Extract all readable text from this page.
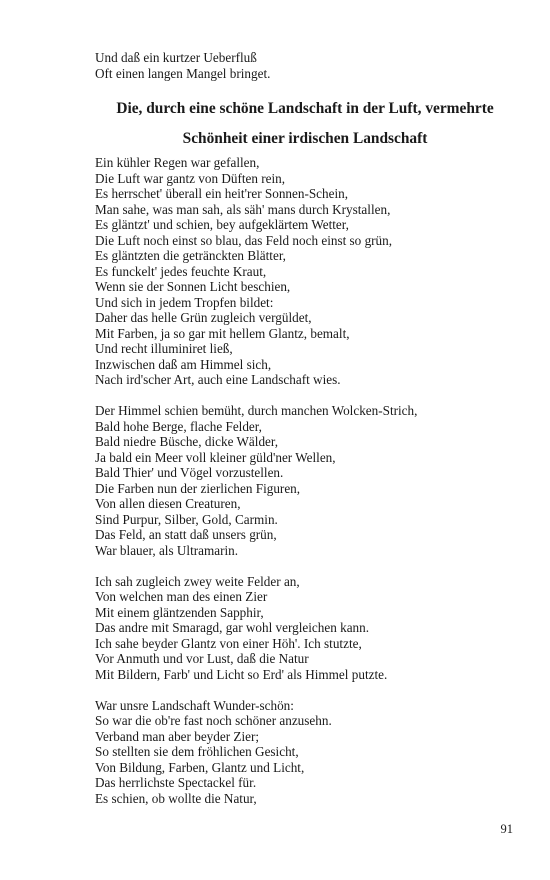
Und daß ein kurtzer Ueberfluß
Oft einen langen Mangel bringet.
Die, durch eine schöne Landschaft in der Luft, vermehrte
Schönheit einer irdischen Landschaft
Ein kühler Regen war gefallen,
Die Luft war gantz von Düften rein,
Es herrschet' überall ein heit'rer Sonnen-Schein,
Man sahe, was man sah, als säh' mans durch Krystallen,
Es gläntzt' und schien, bey aufgeklärtem Wetter,
Die Luft noch einst so blau, das Feld noch einst so grün,
Es gläntzten die getränckten Blätter,
Es funckelt' jedes feuchte Kraut,
Wenn sie der Sonnen Licht beschien,
Und sich in jedem Tropfen bildet:
Daher das helle Grün zugleich vergüldet,
Mit Farben, ja so gar mit hellem Glantz, bemalt,
Und recht illuminiret ließ,
Inzwischen daß am Himmel sich,
Nach ird'scher Art, auch eine Landschaft wies.
Der Himmel schien bemüht, durch manchen Wolcken-Strich,
Bald hohe Berge, flache Felder,
Bald niedre Büsche, dicke Wälder,
Ja bald ein Meer voll kleiner güld'ner Wellen,
Bald Thier' und Vögel vorzustellen.
Die Farben nun der zierlichen Figuren,
Von allen diesen Creaturen,
Sind Purpur, Silber, Gold, Carmin.
Das Feld, an statt daß unsers grün,
War blauer, als Ultramarin.
Ich sah zugleich zwey weite Felder an,
Von welchen man des einen Zier
Mit einem gläntzenden Sapphir,
Das andre mit Smaragd, gar wohl vergleichen kann.
Ich sahe beyder Glantz von einer Höh'. Ich stutzte,
Vor Anmuth und vor Lust, daß die Natur
Mit Bildern, Farb' und Licht so Erd' als Himmel putzte.
War unsre Landschaft Wunder-schön:
So war die ob're fast noch schöner anzusehn.
Verband man aber beyder Zier;
So stellten sie dem fröhlichen Gesicht,
Von Bildung, Farben, Glantz und Licht,
Das herrlichste Spectackel für.
Es schien, ob wollte die Natur,
91
